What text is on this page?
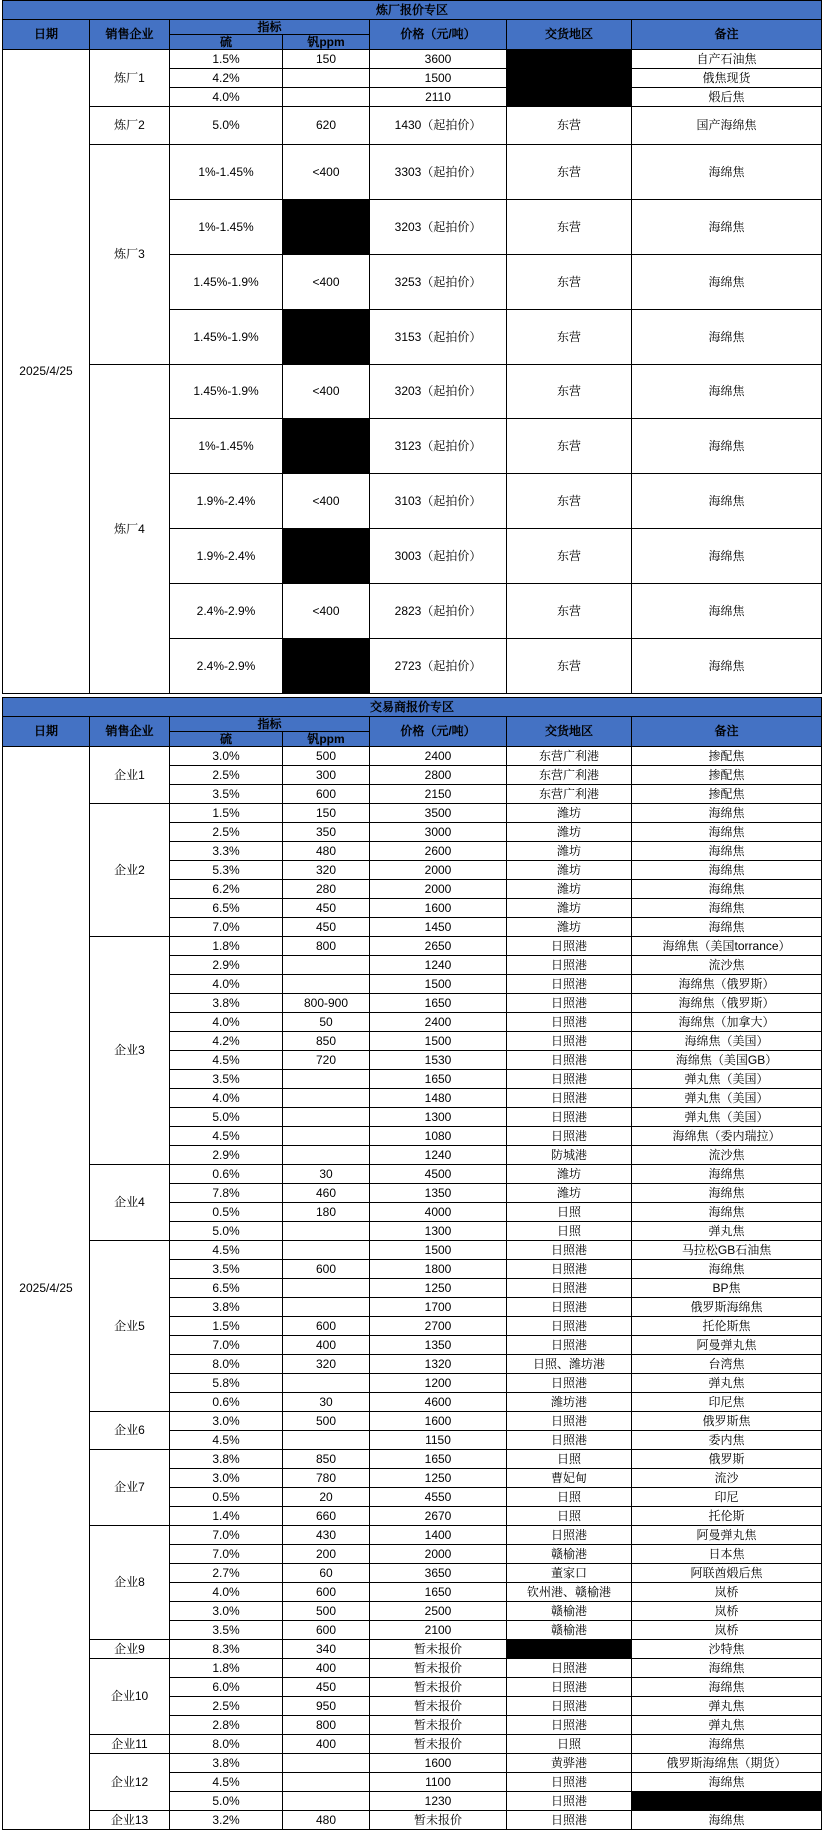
炼厂报价专区						
日期	销售企业	指标		价格（元/吨）	交货地区	备注
		硫	钒ppm			
2025/4/25	炼厂1	1.5%	150	3600		自产石油焦
		4.2%		1500		俄焦现货
		4.0%		2110		煅后焦
	炼厂2	5.0%	620	1430（起拍价）	东营	国产海绵焦
	炼厂3	1%-1.45%	<400	3303（起拍价）	东营	海绵焦
		1%-1.45%	>400	3203（起拍价）	东营	海绵焦
		1.45%-1.9%	<400	3253（起拍价）	东营	海绵焦
		1.45%-1.9%	>400	3153（起拍价）	东营	海绵焦
	炼厂4	1.45%-1.9%	<400	3203（起拍价）	东营	海绵焦
		1%-1.45%	>400	3123（起拍价）	东营	海绵焦
		1.9%-2.4%	<400	3103（起拍价）	东营	海绵焦
		1.9%-2.4%	>400	3003（起拍价）	东营	海绵焦
		2.4%-2.9%	<400	2823（起拍价）	东营	海绵焦
		2.4%-2.9%	>400	2723（起拍价）	东营	海绵焦
交易商报价专区						
日期	销售企业	指标		价格（元/吨）	交货地区	备注
		硫	钒ppm			
2025/4/25	企业1	3.0%	500	2400	东营广利港	掺配焦
		2.5%	300	2800	东营广利港	掺配焦
		3.5%	600	2150	东营广利港	掺配焦
	企业2	1.5%	150	3500	潍坊	海绵焦
		2.5%	350	3000	潍坊	海绵焦
		3.3%	480	2600	潍坊	海绵焦
		5.3%	320	2000	潍坊	海绵焦
		6.2%	280	2000	潍坊	海绵焦
		6.5%	450	1600	潍坊	海绵焦
		7.0%	450	1450	潍坊	海绵焦
	企业3	1.8%	800	2650	日照港	海绵焦（美国torrance）
		2.9%		1240	日照港	流沙焦
		4.0%		1500	日照港	海绵焦（俄罗斯）
		3.8%	800-900	1650	日照港	海绵焦（俄罗斯）
		4.0%	50	2400	日照港	海绵焦（加拿大）
		4.2%	850	1500	日照港	海绵焦（美国）
		4.5%	720	1530	日照港	海绵焦（美国GB）
		3.5%		1650	日照港	弹丸焦（美国）
		4.0%		1480	日照港	弹丸焦（美国）
		5.0%		1300	日照港	弹丸焦（美国）
		4.5%		1080	日照港	海绵焦（委内瑞拉）
		2.9%		1240	防城港	流沙焦
	企业4	0.6%	30	4500	潍坊	海绵焦
		7.8%	460	1350	潍坊	海绵焦
		0.5%	180	4000	日照	海绵焦
		5.0%		1300	日照	弹丸焦
	企业5	4.5%		1500	日照港	马拉松GB石油焦
		3.5%	600	1800	日照港	海绵焦
		6.5%		1250	日照港	BP焦
		3.8%		1700	日照港	俄罗斯海绵焦
		1.5%	600	2700	日照港	托伦斯焦
		7.0%	400	1350	日照港	阿曼弹丸焦
		8.0%	320	1320	日照、潍坊港	台湾焦
		5.8%		1200	日照港	弹丸焦
		0.6%	30	4600	潍坊港	印尼焦
	企业6	3.0%	500	1600	日照港	俄罗斯焦
		4.5%		1150	日照港	委内焦
	企业7	3.8%	850	1650	日照	俄罗斯
		3.0%	780	1250	曹妃甸	流沙
		0.5%	20	4550	日照	印尼
		1.4%	660	2670	日照	托伦斯
	企业8	7.0%	430	1400	日照港	阿曼弹丸焦
		7.0%	200	2000	赣榆港	日本焦
		2.7%	60	3650	董家口	阿联酋煅后焦
		4.0%	600	1650	钦州港、赣榆港	岚桥
		3.0%	500	2500	赣榆港	岚桥
		3.5%	600	2100	赣榆港	岚桥
	企业9	8.3%	340	暂未报价		沙特焦
	企业10	1.8%	400	暂未报价	日照港	海绵焦
		6.0%	450	暂未报价	日照港	海绵焦
		2.5%	950	暂未报价	日照港	弹丸焦
		2.8%	800	暂未报价	日照港	弹丸焦
	企业11	8.0%	400	暂未报价	日照	海绵焦
	企业12	3.8%		1600	黄骅港	俄罗斯海绵焦（期货）
		4.5%		1100	日照港	海绵焦
		5.0%		1230	日照港	
	企业13	3.2%	480	暂未报价	日照港	海绵焦
